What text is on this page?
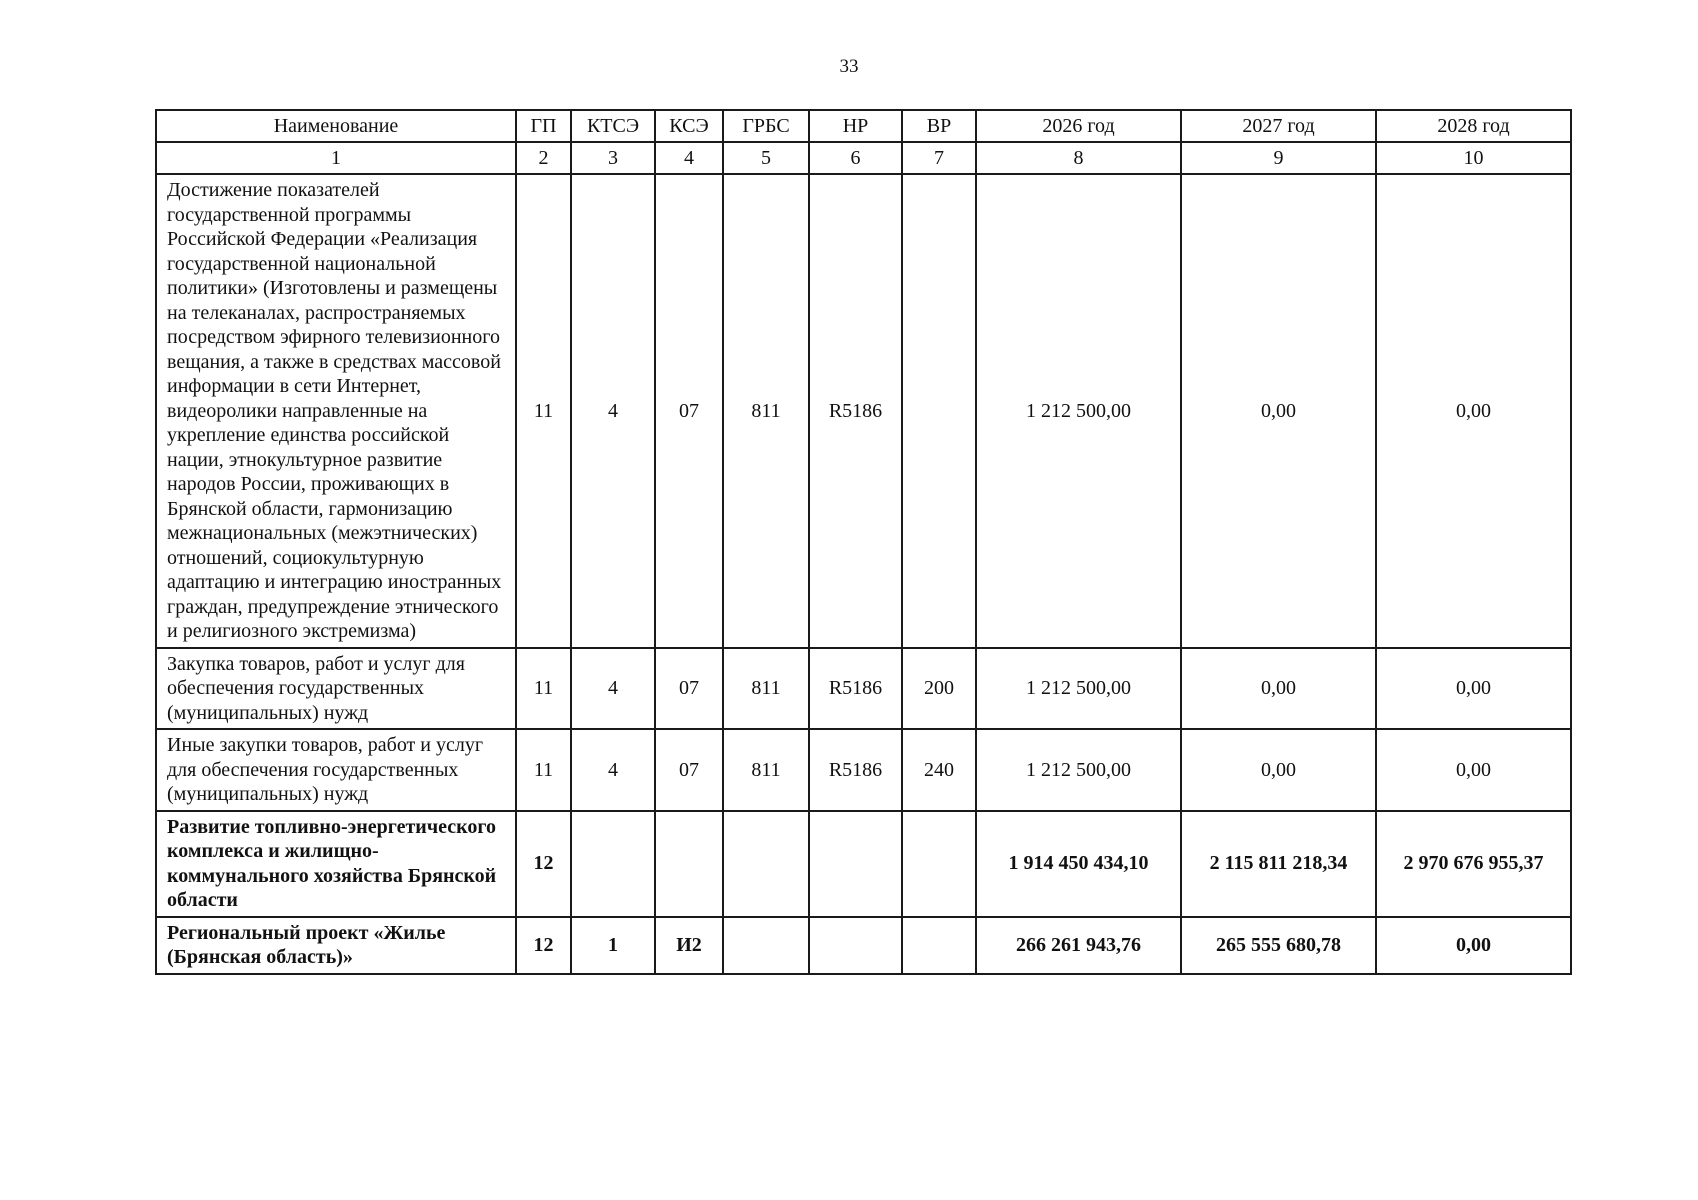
33
Наименование	ГП	КТСЭ	КСЭ	ГРБС	НР	ВР	2026 год	2027 год	2028 год
1	2	3	4	5	6	7	8	9	10
Достижение показателей государственной программы Российской Федерации «Реализация государственной национальной политики» (Изготовлены и размещены на телеканалах, распространяемых посредством эфирного телевизионного вещания, а также в средствах массовой информации в сети Интернет, видеоролики направленные на укрепление единства российской нации, этнокультурное развитие народов России, проживающих в Брянской области, гармонизацию межнациональных (межэтнических) отношений, социокультурную адаптацию и интеграцию иностранных граждан, предупреждение этнического и религиозного экстремизма)	11	4	07	811	R5186		1 212 500,00	0,00	0,00
Закупка товаров, работ и услуг для обеспечения государственных (муниципальных) нужд	11	4	07	811	R5186	200	1 212 500,00	0,00	0,00
Иные закупки товаров, работ и услуг для обеспечения государственных (муниципальных) нужд	11	4	07	811	R5186	240	1 212 500,00	0,00	0,00
Развитие топливно-энергетического комплекса и жилищно-коммунального хозяйства Брянской области	12						1 914 450 434,10	2 115 811 218,34	2 970 676 955,37
Региональный проект «Жилье (Брянская область)»	12	1	И2				266 261 943,76	265 555 680,78	0,00
